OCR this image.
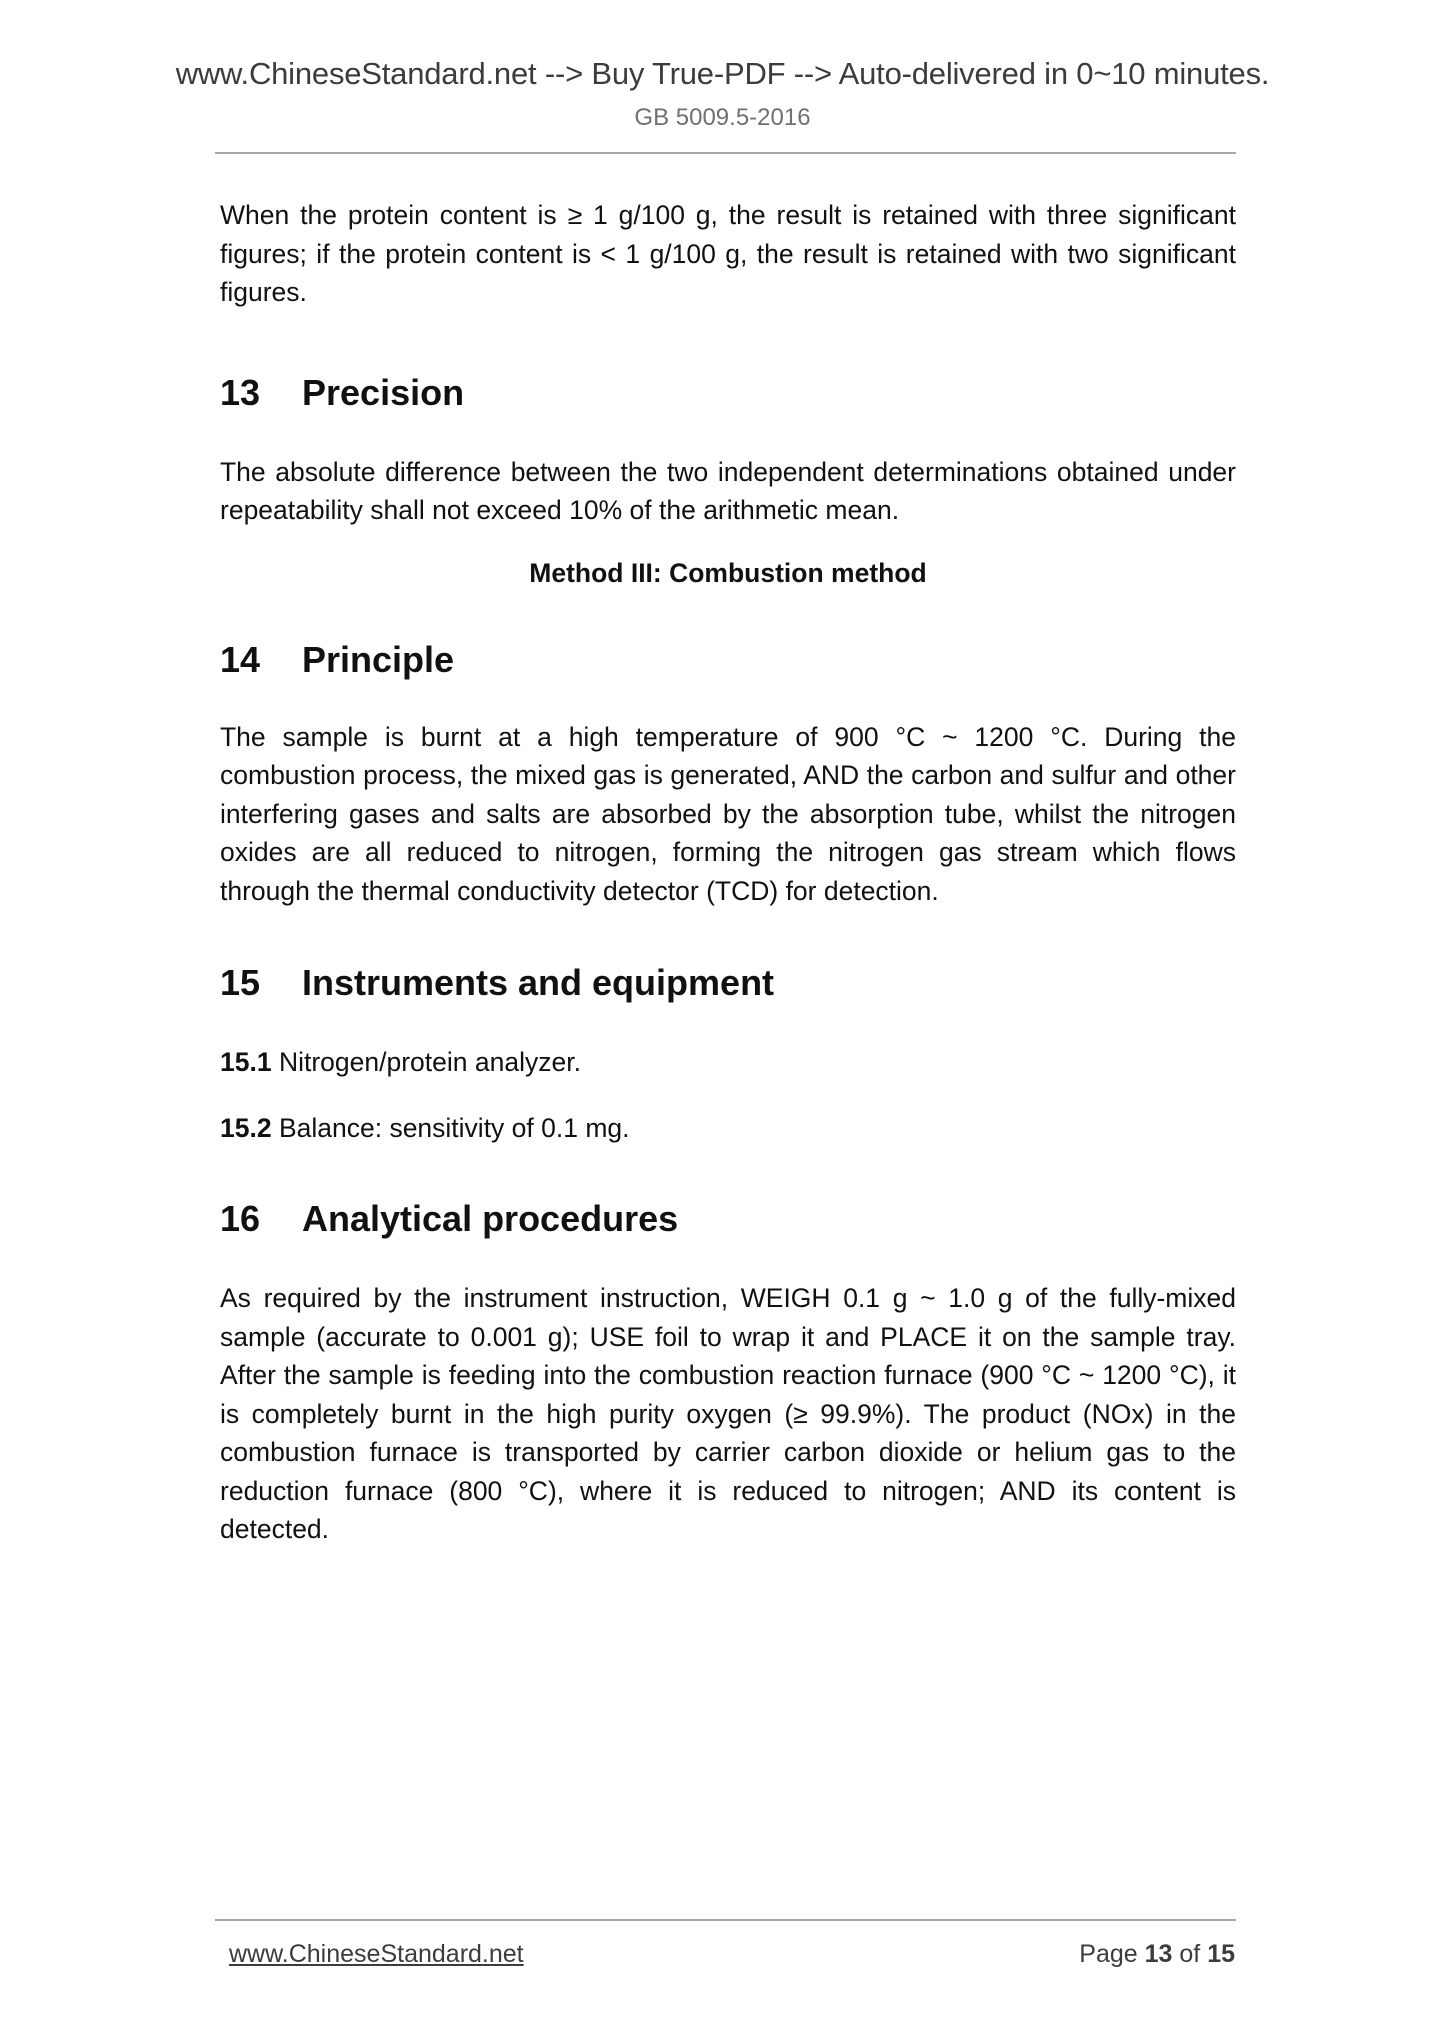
www.ChineseStandard.net --> Buy True-PDF --> Auto-delivered in 0~10 minutes.
GB 5009.5-2016

When the protein content is ≥ 1 g/100 g, the result is retained with three significant figures; if the protein content is < 1 g/100 g, the result is retained with two significant figures.

13 Precision

The absolute difference between the two independent determinations obtained under repeatability shall not exceed 10% of the arithmetic mean.

Method III: Combustion method

14 Principle

The sample is burnt at a high temperature of 900 °C ~ 1200 °C. During the combustion process, the mixed gas is generated, AND the carbon and sulfur and other interfering gases and salts are absorbed by the absorption tube, whilst the nitrogen oxides are all reduced to nitrogen, forming the nitrogen gas stream which flows through the thermal conductivity detector (TCD) for detection.

15 Instruments and equipment

15.1 Nitrogen/protein analyzer.

15.2 Balance: sensitivity of 0.1 mg.

16 Analytical procedures

As required by the instrument instruction, WEIGH 0.1 g ~ 1.0 g of the fully-mixed sample (accurate to 0.001 g); USE foil to wrap it and PLACE it on the sample tray. After the sample is feeding into the combustion reaction furnace (900 °C ~ 1200 °C), it is completely burnt in the high purity oxygen (≥ 99.9%). The product (NOx) in the combustion furnace is transported by carrier carbon dioxide or helium gas to the reduction furnace (800 °C), where it is reduced to nitrogen; AND its content is detected.

www.ChineseStandard.net	Page 13 of 15
